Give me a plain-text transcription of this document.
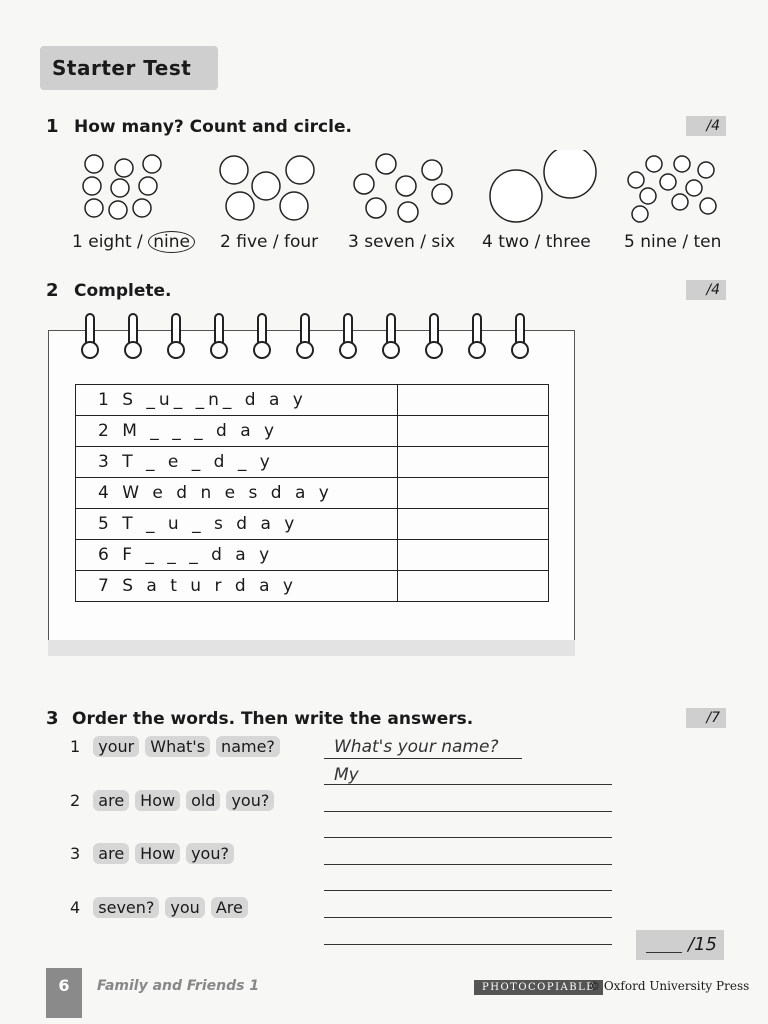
Starter Test
1 How many? Count and circle.	/4
1 eight / nine 2 five / four 3 seven / six 4 two / three 5 nine / ten
2 Complete.	/4
1 S _u_ _n_ d a y	
2 M _ _ _ d a y	
3 T _ e _ d _ y	
4 W e d n e s d a y	
5 T _ u _ s d a y	
6 F _ _ _ d a y	
7 S a t u r d a y	
3 Order the words. Then write the answers.	/7
1 your What's name?	What's your name?
My
2 are How old you?
3 are How you?
4 seven? you Are
/15
6	Family and Friends 1	PHOTOCOPIABLE
© Oxford University Press
